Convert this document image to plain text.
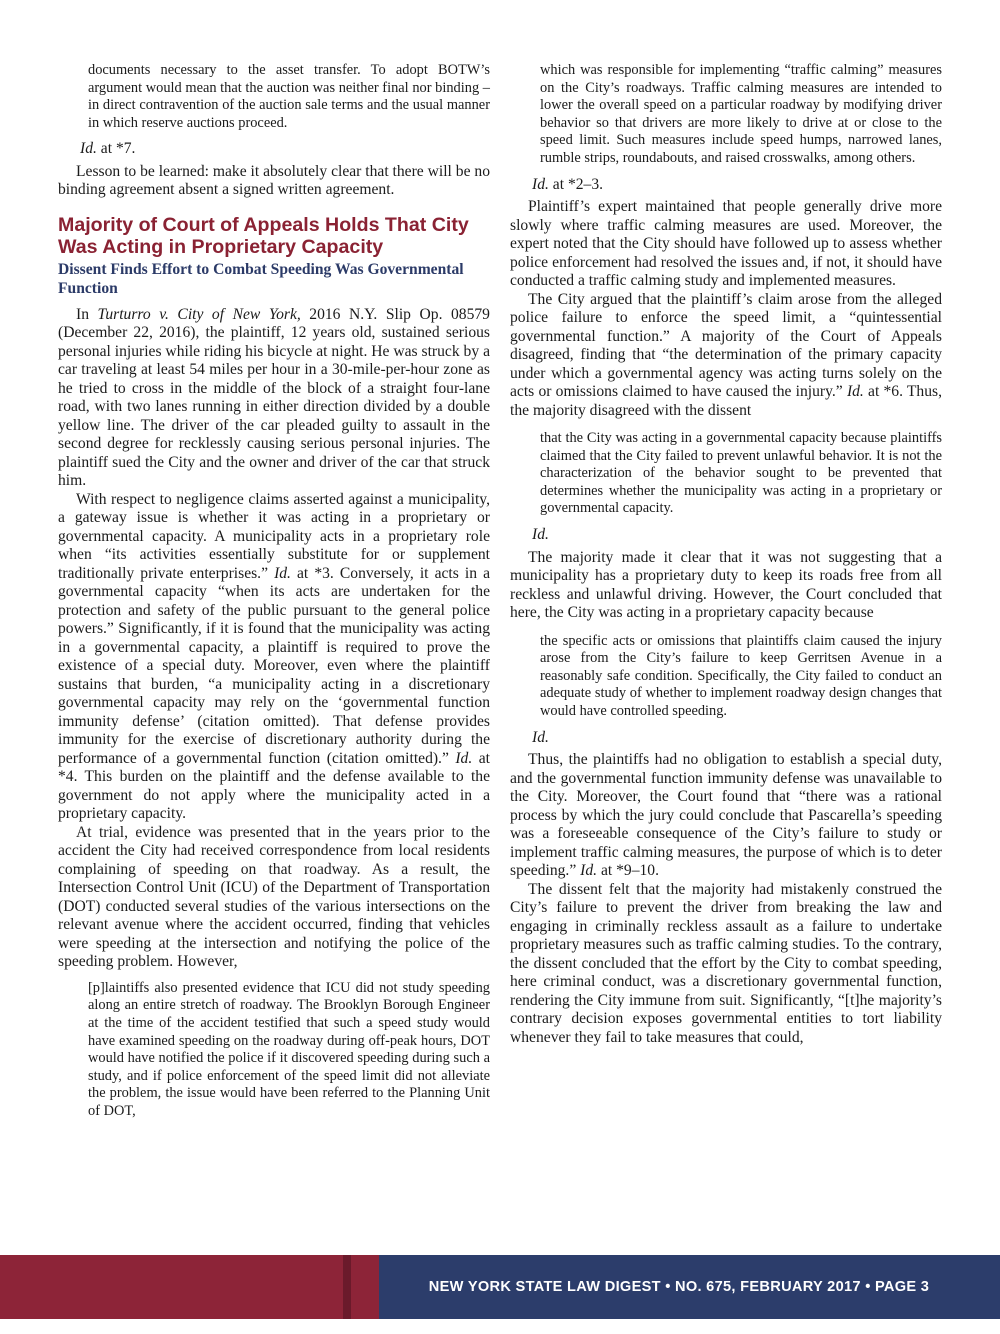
documents necessary to the asset transfer. To adopt BOTW’s argument would mean that the auction was neither final nor binding – in direct contravention of the auction sale terms and the usual manner in which reserve auctions proceed.
Id. at *7.

Lesson to be learned: make it absolutely clear that there will be no binding agreement absent a signed written agreement.

Majority of Court of Appeals Holds That City Was Acting in Proprietary Capacity
Dissent Finds Effort to Combat Speeding Was Governmental Function

In Turturro v. City of New York, 2016 N.Y. Slip Op. 08579 (December 22, 2016), the plaintiff, 12 years old, sustained serious personal injuries while riding his bicycle at night. He was struck by a car traveling at least 54 miles per hour in a 30-mile-per-hour zone as he tried to cross in the middle of the block of a straight four-lane road, with two lanes running in either direction divided by a double yellow line. The driver of the car pleaded guilty to assault in the second degree for recklessly causing serious personal injuries. The plaintiff sued the City and the owner and driver of the car that struck him.

With respect to negligence claims asserted against a municipality, a gateway issue is whether it was acting in a proprietary or governmental capacity. A municipality acts in a proprietary role when “its activities essentially substitute for or supplement traditionally private enterprises.” Id. at *3. Conversely, it acts in a governmental capacity “when its acts are undertaken for the protection and safety of the public pursuant to the general police powers.” Significantly, if it is found that the municipality was acting in a governmental capacity, a plaintiff is required to prove the existence of a special duty. Moreover, even where the plaintiff sustains that burden, “a municipality acting in a discretionary governmental capacity may rely on the ‘governmental function immunity defense’ (citation omitted). That defense provides immunity for the exercise of discretionary authority during the performance of a governmental function (citation omitted).” Id. at *4. This burden on the plaintiff and the defense available to the government do not apply where the municipality acted in a proprietary capacity.

At trial, evidence was presented that in the years prior to the accident the City had received correspondence from local residents complaining of speeding on that roadway. As a result, the Intersection Control Unit (ICU) of the Department of Transportation (DOT) conducted several studies of the various intersections on the relevant avenue where the accident occurred, finding that vehicles were speeding at the intersection and notifying the police of the speeding problem. However,

[p]laintiffs also presented evidence that ICU did not study speeding along an entire stretch of roadway. The Brooklyn Borough Engineer at the time of the accident testified that such a speed study would have examined speeding on the roadway during off-peak hours, DOT would have notified the police if it discovered speeding during such a study, and if police enforcement of the speed limit did not alleviate the problem, the issue would have been referred to the Planning Unit of DOT,
which was responsible for implementing “traffic calming” measures on the City’s roadways. Traffic calming measures are intended to lower the overall speed on a particular roadway by modifying driver behavior so that drivers are more likely to drive at or close to the speed limit. Such measures include speed humps, narrowed lanes, rumble strips, roundabouts, and raised crosswalks, among others.
Id. at *2–3.

Plaintiff’s expert maintained that people generally drive more slowly where traffic calming measures are used. Moreover, the expert noted that the City should have followed up to assess whether police enforcement had resolved the issues and, if not, it should have conducted a traffic calming study and implemented measures.

The City argued that the plaintiff’s claim arose from the alleged police failure to enforce the speed limit, a “quintessential governmental function.” A majority of the Court of Appeals disagreed, finding that “the determination of the primary capacity under which a governmental agency was acting turns solely on the acts or omissions claimed to have caused the injury.” Id. at *6. Thus, the majority disagreed with the dissent

that the City was acting in a governmental capacity because plaintiffs claimed that the City failed to prevent unlawful behavior. It is not the characterization of the behavior sought to be prevented that determines whether the municipality was acting in a proprietary or governmental capacity.
Id.

The majority made it clear that it was not suggesting that a municipality has a proprietary duty to keep its roads free from all reckless and unlawful driving. However, the Court concluded that here, the City was acting in a proprietary capacity because

the specific acts or omissions that plaintiffs claim caused the injury arose from the City’s failure to keep Gerritsen Avenue in a reasonably safe condition. Specifically, the City failed to conduct an adequate study of whether to implement roadway design changes that would have controlled speeding.
Id.

Thus, the plaintiffs had no obligation to establish a special duty, and the governmental function immunity defense was unavailable to the City. Moreover, the Court found that “there was a rational process by which the jury could conclude that Pascarella’s speeding was a foreseeable consequence of the City’s failure to study or implement traffic calming measures, the purpose of which is to deter speeding.” Id. at *9–10.

The dissent felt that the majority had mistakenly construed the City’s failure to prevent the driver from breaking the law and engaging in criminally reckless assault as a failure to undertake proprietary measures such as traffic calming studies. To the contrary, the dissent concluded that the effort by the City to combat speeding, here criminal conduct, was a discretionary governmental function, rendering the City immune from suit. Significantly, “[t]he majority’s contrary decision exposes governmental entities to tort liability whenever they fail to take measures that could,

NEW YORK STATE LAW DIGEST • NO. 675, FEBRUARY 2017 • PAGE 3
